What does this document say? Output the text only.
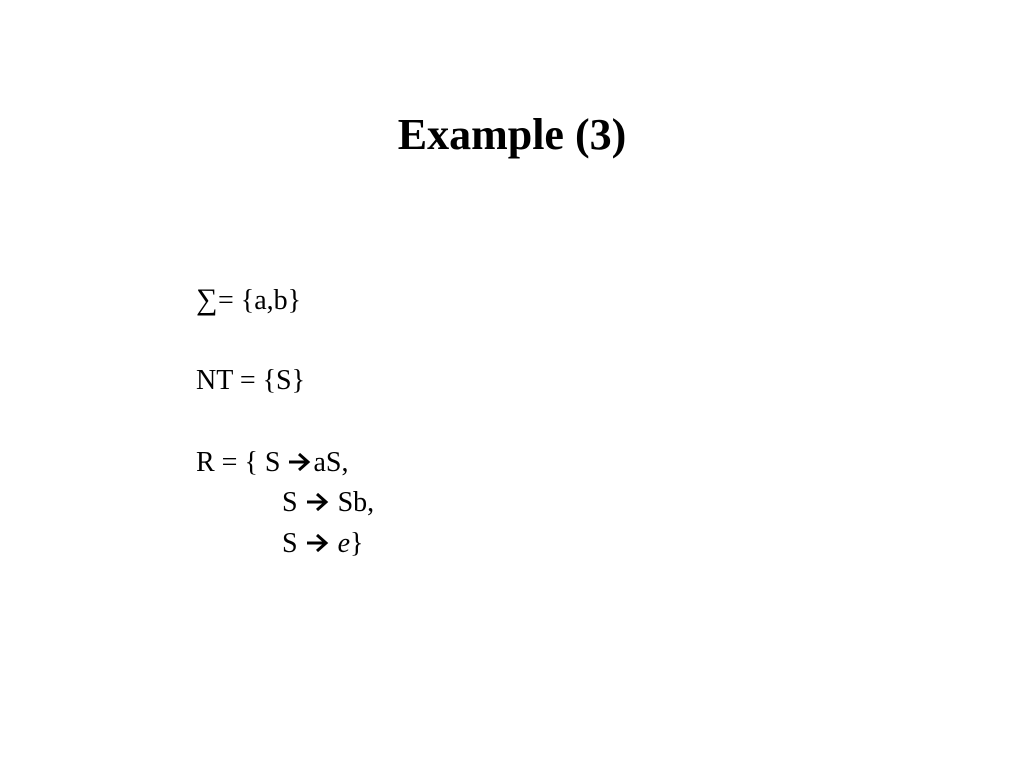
Example (3)
∑= {a,b}
NT = {S}
R = { S aS,
S
Sb,
S
e}
